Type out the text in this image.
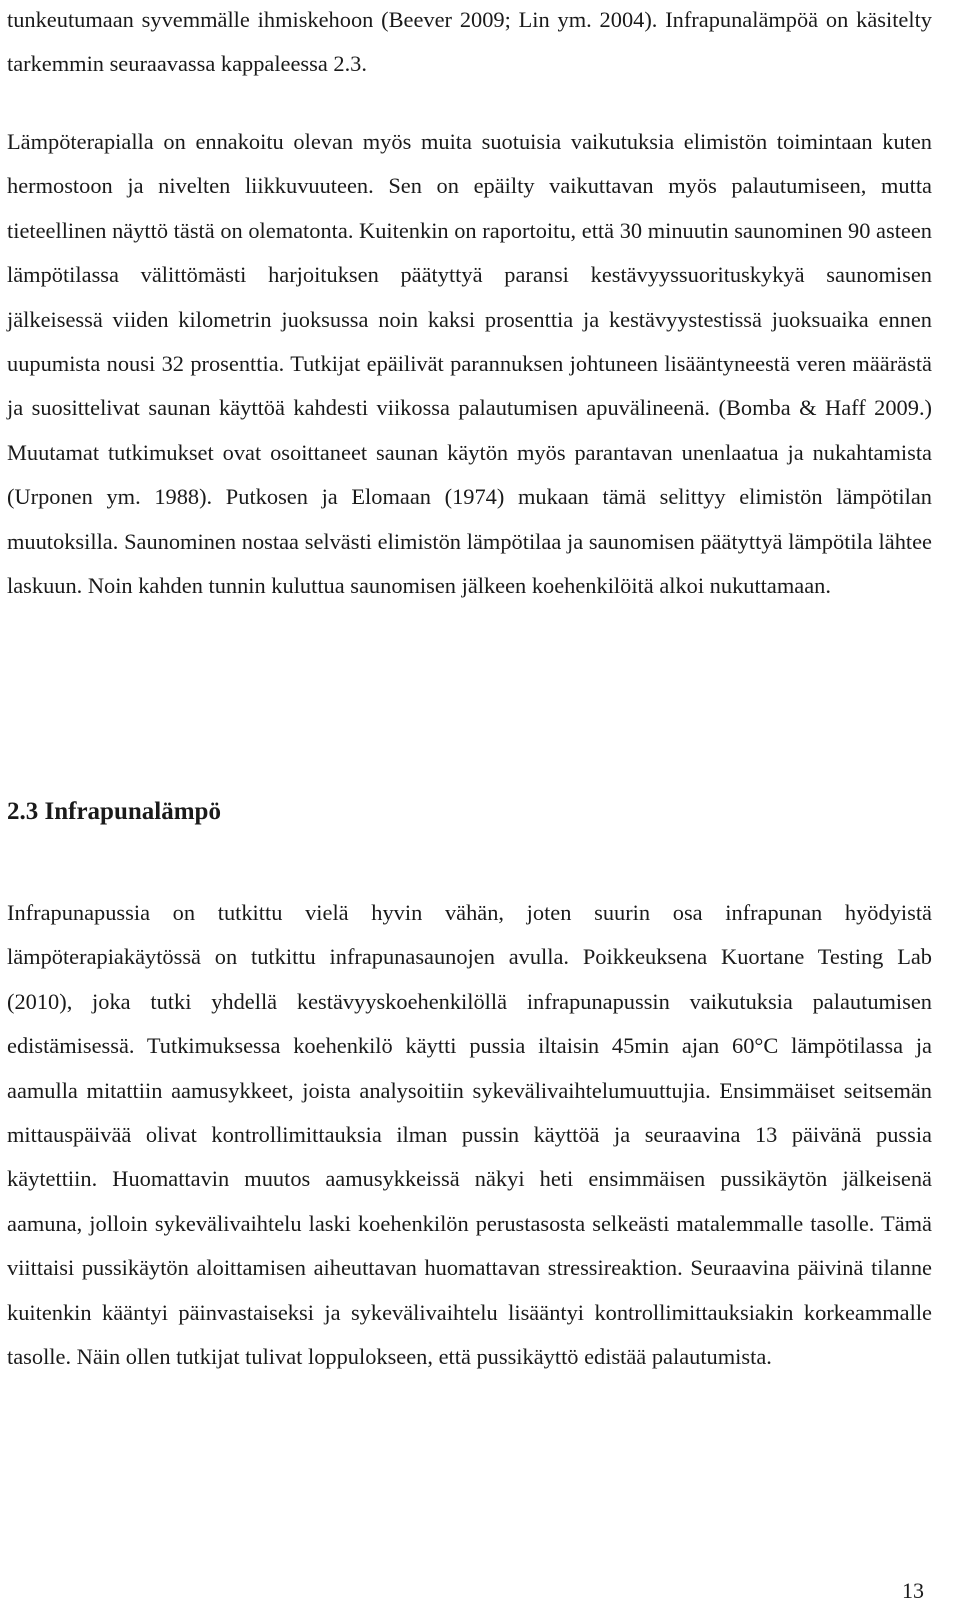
tunkeutumaan syvemmälle ihmiskehoon (Beever 2009; Lin ym. 2004). Infrapunalämpöä on käsitelty tarkemmin seuraavassa kappaleessa 2.3.

Lämpöterapialla on ennakoitu olevan myös muita suotuisia vaikutuksia elimistön toimintaan kuten hermostoon ja nivelten liikkuvuuteen. Sen on epäilty vaikuttavan myös palautumiseen, mutta tieteellinen näyttö tästä on olematonta. Kuitenkin on raportoitu, että 30 minuutin saunominen 90 asteen lämpötilassa välittömästi harjoituksen päätyttyä paransi kestävyyssuorituskykyä saunomisen jälkeisessä viiden kilometrin juoksussa noin kaksi prosenttia ja kestävyystestissä juoksuaika ennen uupumista nousi 32 prosenttia. Tutkijat epäilivät parannuksen johtuneen lisääntyneestä veren määrästä ja suosittelivat saunan käyttöä kahdesti viikossa palautumisen apuvälineenä. (Bomba & Haff 2009.) Muutamat tutkimukset ovat osoittaneet saunan käytön myös parantavan unenlaatua ja nukahtamista (Urponen ym. 1988). Putkosen ja Elomaan (1974) mukaan tämä selittyy elimistön lämpötilan muutoksilla. Saunominen nostaa selvästi elimistön lämpötilaa ja saunomisen päätyttyä lämpötila lähtee laskuun. Noin kahden tunnin kuluttua saunomisen jälkeen koehenkilöitä alkoi nukuttamaan.

2.3 Infrapunalämpö

Infrapunapussia on tutkittu vielä hyvin vähän, joten suurin osa infrapunan hyödyistä lämpöterapiakäytössä on tutkittu infrapunasaunojen avulla. Poikkeuksena Kuortane Testing Lab (2010), joka tutki yhdellä kestävyyskoehenkilöllä infrapunapussin vaikutuksia palautumisen edistämisessä. Tutkimuksessa koehenkilö käytti pussia iltaisin 45min ajan 60°C lämpötilassa ja aamulla mitattiin aamusykkeet, joista analysoitiin sykevälivaihtelumuuttujia. Ensimmäiset seitsemän mittauspäivää olivat kontrollimittauksia ilman pussin käyttöä ja seuraavina 13 päivänä pussia käytettiin. Huomattavin muutos aamusykkeissä näkyi heti ensimmäisen pussikäytön jälkeisenä aamuna, jolloin sykevälivaihtelu laski koehenkilön perustasosta selkeästi matalemmalle tasolle. Tämä viittaisi pussikäytön aloittamisen aiheuttavan huomattavan stressireaktion. Seuraavina päivinä tilanne kuitenkin kääntyi päinvastaiseksi ja sykevälivaihtelu lisääntyi kontrollimittauksiakin korkeammalle tasolle. Näin ollen tutkijat tulivat loppulokseen, että pussikäyttö edistää palautumista.

13
